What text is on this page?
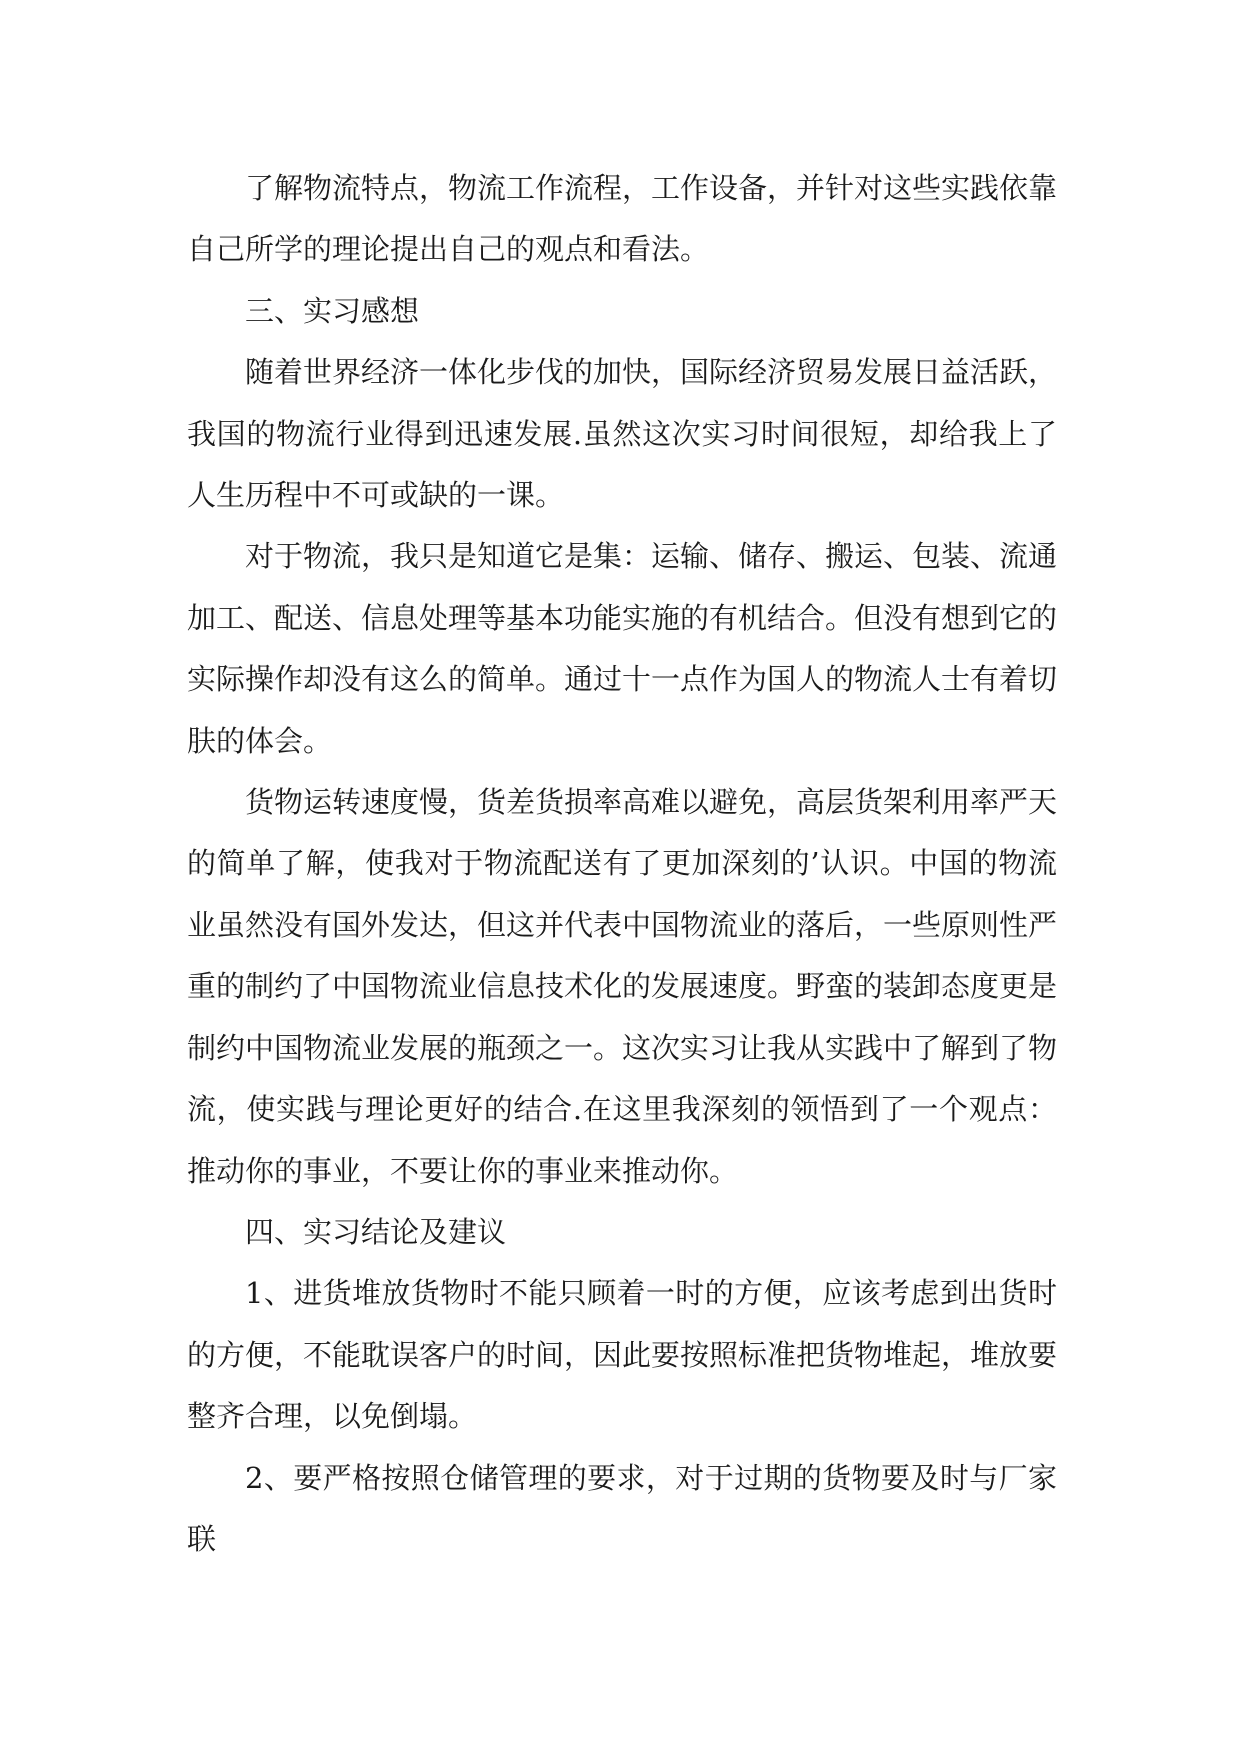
了解物流特点，物流工作流程，工作设备，并针对这些实践依靠自己所学的理论提出自己的观点和看法。

三、实习感想

随着世界经济一体化步伐的加快，国际经济贸易发展日益活跃，我国的物流行业得到迅速发展.虽然这次实习时间很短，却给我上了人生历程中不可或缺的一课。

对于物流，我只是知道它是集：运输、储存、搬运、包装、流通加工、配送、信息处理等基本功能实施的有机结合。但没有想到它的实际操作却没有这么的简单。通过十一点作为国人的物流人士有着切肤的体会。

货物运转速度慢，货差货损率高难以避免，高层货架利用率严天的简单了解，使我对于物流配送有了更加深刻的’认识。中国的物流业虽然没有国外发达，但这并代表中国物流业的落后，一些原则性严重的制约了中国物流业信息技术化的发展速度。野蛮的装卸态度更是制约中国物流业发展的瓶颈之一。这次实习让我从实践中了解到了物流，使实践与理论更好的结合.在这里我深刻的领悟到了一个观点：推动你的事业，不要让你的事业来推动你。

四、实习结论及建议

1、进货堆放货物时不能只顾着一时的方便，应该考虑到出货时的方便，不能耽误客户的时间，因此要按照标准把货物堆起，堆放要整齐合理，以免倒塌。

2、要严格按照仓储管理的要求，对于过期的货物要及时与厂家联
